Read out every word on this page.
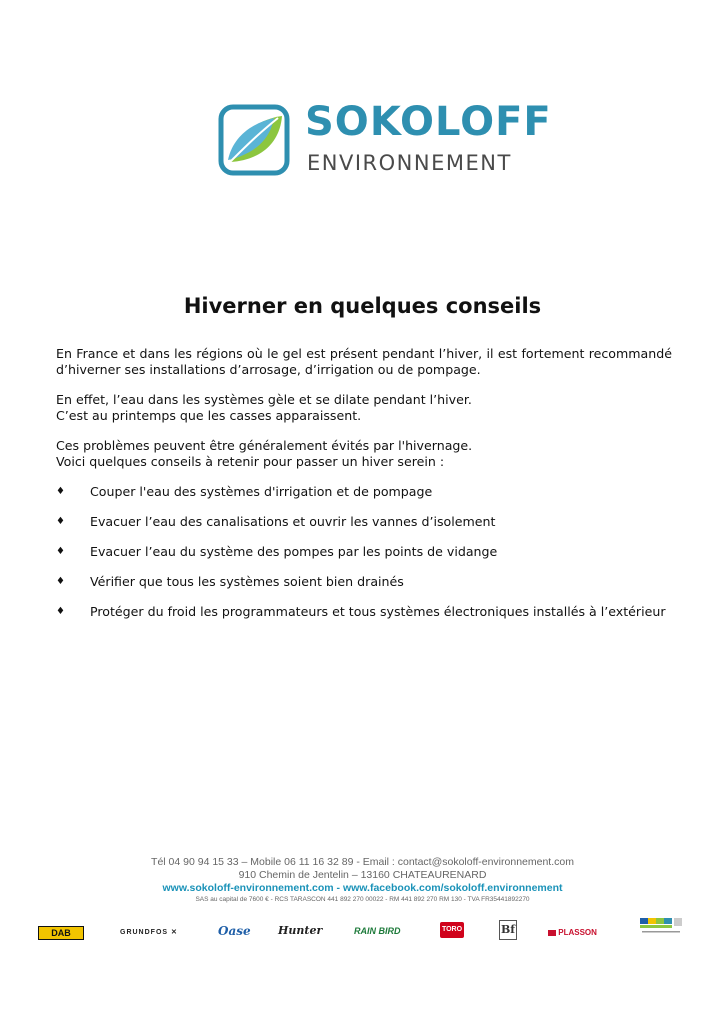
SOKOLOFF
ENVIRONNEMENT
Hiverner en quelques conseils

En France et dans les régions où le gel est présent pendant l’hiver, il est fortement recommandé d’hiverner ses installations d’arrosage, d’irrigation ou de pompage.

En effet, l’eau dans les systèmes gèle et se dilate pendant l’hiver.
C’est au printemps que les casses apparaissent.

Ces problèmes peuvent être généralement évités par l'hivernage.
Voici quelques conseils à retenir pour passer un hiver serein :

♦ Couper l'eau des systèmes d'irrigation et de pompage
♦ Evacuer l’eau des canalisations et ouvrir les vannes d’isolement
♦ Evacuer l’eau du système des pompes par les points de vidange
♦ Vérifier que tous les systèmes soient bien drainés
♦ Protéger du froid les programmateurs et tous systèmes électroniques installés à l’extérieur
Tél 04 90 94 15 33 – Mobile 06 11 16 32 89 - Email : contact@sokoloff-environnement.com
910 Chemin de Jentelin – 13160 CHATEAURENARD
www.sokoloff-environnement.com - www.facebook.com/sokoloff.environnement
SAS au capital de 7600 € - RCS TARASCON 441 892 270 00022 - RM 441 892 270 RM 130 - TVA FR35441892270
DAB	GRUNDFOS ✕	Oase Hunter	RAIN BIRD	TORO	Bf	PLASSON
